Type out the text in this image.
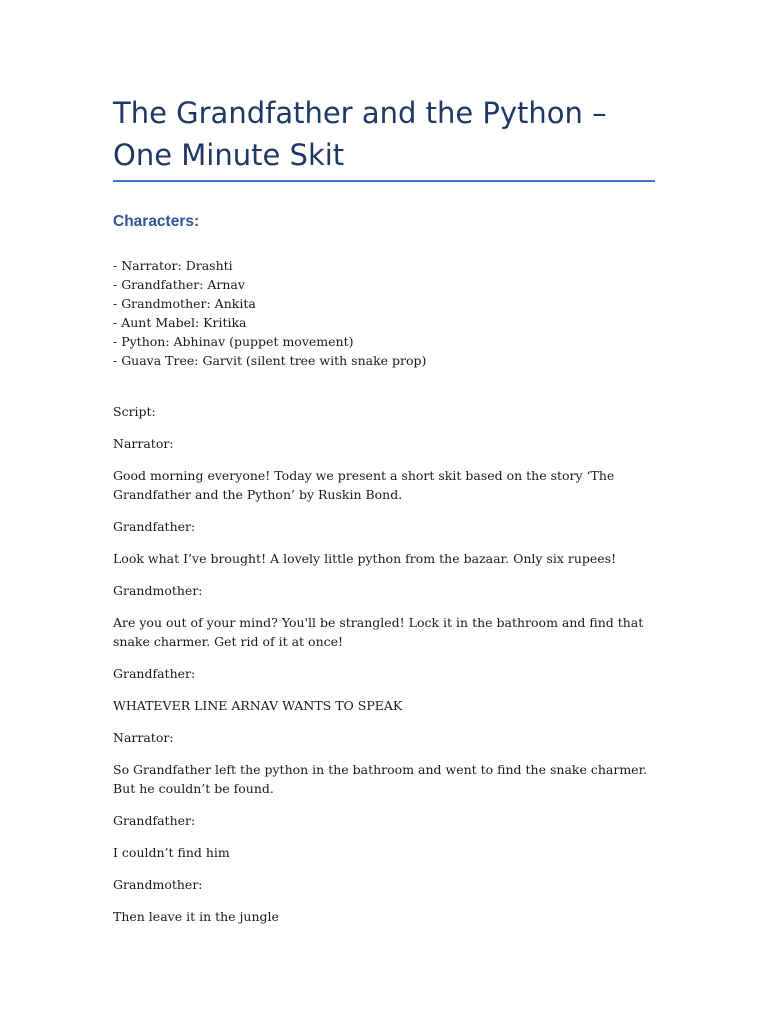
The Grandfather and the Python – One Minute Skit
Characters:
- Narrator: Drashti
- Grandfather: Arnav
- Grandmother: Ankita
- Aunt Mabel: Kritika
- Python: Abhinav (puppet movement)
- Guava Tree: Garvit (silent tree with snake prop)

Script:

Narrator:

Good morning everyone! Today we present a short skit based on the story ‘The Grandfather and the Python’ by Ruskin Bond.

Grandfather:

Look what I’ve brought! A lovely little python from the bazaar. Only six rupees!

Grandmother:

Are you out of your mind? You'll be strangled! Lock it in the bathroom and find that snake charmer. Get rid of it at once!

Grandfather:

WHATEVER LINE ARNAV WANTS TO SPEAK

Narrator:

So Grandfather left the python in the bathroom and went to find the snake charmer. But he couldn’t be found.

Grandfather:

I couldn’t find him

Grandmother:

Then leave it in the jungle
